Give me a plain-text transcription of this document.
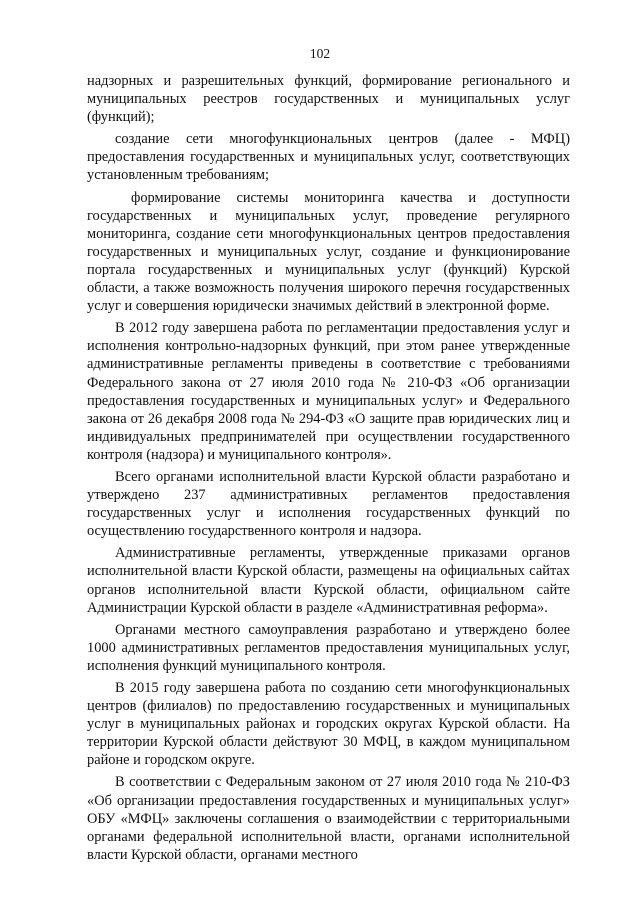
102

надзорных и разрешительных функций, формирование регионального и муниципальных реестров государственных и муниципальных услуг (функций);

создание сети многофункциональных центров (далее - МФЦ) предоставления государственных и муниципальных услуг, соответствующих установленным требованиям;

формирование системы мониторинга качества и доступности государственных и муниципальных услуг, проведение регулярного мониторинга, создание сети многофункциональных центров предоставления государственных и муниципальных услуг, создание и функционирование портала государственных и муниципальных услуг (функций) Курской области, а также возможность получения широкого перечня государственных услуг и совершения юридически значимых действий в электронной форме.

В 2012 году завершена работа по регламентации предоставления услуг и исполнения контрольно-надзорных функций, при этом ранее утвержденные административные регламенты приведены в соответствие с требованиями Федерального закона от 27 июля 2010 года № 210-ФЗ «Об организации предоставления государственных и муниципальных услуг» и Федерального закона от 26 декабря 2008 года № 294-ФЗ «О защите прав юридических лиц и индивидуальных предпринимателей при осуществлении государственного контроля (надзора) и муниципального контроля».

Всего органами исполнительной власти Курской области разработано и утверждено 237 административных регламентов предоставления государственных услуг и исполнения государственных функций по осуществлению государственного контроля и надзора.

Административные регламенты, утвержденные приказами органов исполнительной власти Курской области, размещены на официальных сайтах органов исполнительной власти Курской области, официальном сайте Администрации Курской области в разделе «Административная реформа».

Органами местного самоуправления разработано и утверждено более 1000 административных регламентов предоставления муниципальных услуг, исполнения функций муниципального контроля.

В 2015 году завершена работа по созданию сети многофункциональных центров (филиалов) по предоставлению государственных и муниципальных услуг в муниципальных районах и городских округах Курской области. На территории Курской области действуют 30 МФЦ, в каждом муниципальном районе и городском округе.

В соответствии с Федеральным законом от 27 июля 2010 года № 210-ФЗ «Об организации предоставления государственных и муниципальных услуг» ОБУ «МФЦ» заключены соглашения о взаимодействии с территориальными органами федеральной исполнительной власти, органами исполнительной власти Курской области, органами местного
